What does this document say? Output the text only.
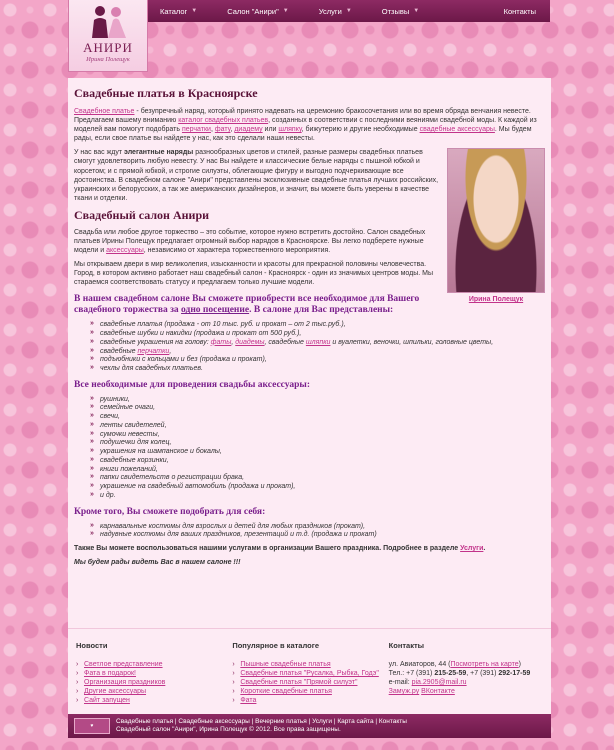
Каталог ▼	Салон "Анири" ▼	Услуги ▼	Отзывы ▼	Контакты
АНИРИ
Ирина Полещук
Свадебные платья в Красноярске

Свадебное платье - безупречный наряд, который принято надевать на церемонию бракосочетания или во время обряда венчания невесте. Предлагаем вашему вниманию каталог свадебных платьев, созданных в соответствии с последними веяниями свадебной моды. К каждой из моделей вам помогут подобрать перчатки, фату, диадему или шляпку, бижутерию и другие необходимые свадебные аксессуары. Мы будем рады, если свое платье вы найдете у нас, как это сделали наши невесты.

Ирина Полещук

У нас вас ждут элегантные наряды разнообразных цветов и стилей, разные размеры свадебных платьев смогут удовлетворить любую невесту. У нас Вы найдете и классические белые наряды с пышной юбкой и корсетом; и с прямой юбкой, и строгие силуэты, облегающие фигуру и выгодно подчеркивающие все достоинства. В свадебном салоне "Анири" представлены эксклюзивные свадебные платья лучших российских, украинских и белорусских, а так же американских дизайнеров, и значит, вы можете быть уверены в качестве ткани и отделки.

Свадебный салон Анири

Свадьба или любое другое торжество – это событие, которое нужно встретить достойно. Салон свадебных платьев Ирины Полещук предлагает огромный выбор нарядов в Красноярске. Вы легко подберете нужные модели и аксессуары, независимо от характера торжественного мероприятия.

Мы открываем двери в мир великолепия, изысканности и красоты для прекрасной половины человечества. Город, в котором активно работает наш свадебный салон - Красноярск - один из значимых центров моды. Мы стараемся соответствовать статусу и предлагаем только лучшие модели.

В нашем свадебном салоне Вы сможете приобрести все необходимое для Вашего свадебного торжества за одно посещение. В салоне для Вас представлены:
» свадебные платья (продажа - от 10 тыс. руб. и прокат – от 2 тыс.руб.),
» свадебные шубки и накидки (продажа и прокат от 500 руб.),
» свадебные украшения на голову: фаты, диадемы, свадебные шляпки и вуалетки, веночки, шпильки, головные цветы,
» свадебные перчатки,
» подъюбники с кольцами и без (продажа и прокат),
» чехлы для свадебных платьев.
Все необходимые для проведения свадьбы аксессуары:
» рушники,
» семейные очаги,
» свечи,
» ленты свидетелей,
» сумочки невесты,
» подушечки для колец,
» украшения на шампанское и бокалы,
» свадебные корзинки,
» книги пожеланий,
» папки свидетельств о регистрации брака,
» украшение на свадебный автомобиль (продажа и прокат),
» и др.
Кроме того, Вы сможете подобрать для себя:
» карнавальные костюмы для взрослых и детей для любых праздников (прокат),
» надувные костюмы для ваших праздников, презентаций и т.д. (продажа и прокат)

Также Вы можете воспользоваться нашими услугами в организации Вашего праздника. Подробнее в разделе Услуги.

Мы будем рады видеть Вас в нашем салоне !!!

Новости
› Светлое представление
› Фата в подарок!
› Организация праздников
› Другие аксессуары
› Сайт запущен
Популярное в каталоге
› Пышные свадебные платья
› Свадебные платья "Русалка, Рыбка, Годэ"
› Свадебные платья "Прямой силуэт"
› Короткие свадебные платья
› Фата
Контакты
ул. Авиаторов, 44 (Посмотреть на карте)
Тел.: +7 (391) 215-25-59, +7 (391) 292-17-59
e-mail: pia.2905@mail.ru
Замуж.ру ВКонтакте
♥
Свадебные платья | Свадебные аксессуары | Вечерние платья | Услуги | Карта сайта | Контакты
Свадебный салон "Анири", Ирина Полещук © 2012. Все права защищены.
